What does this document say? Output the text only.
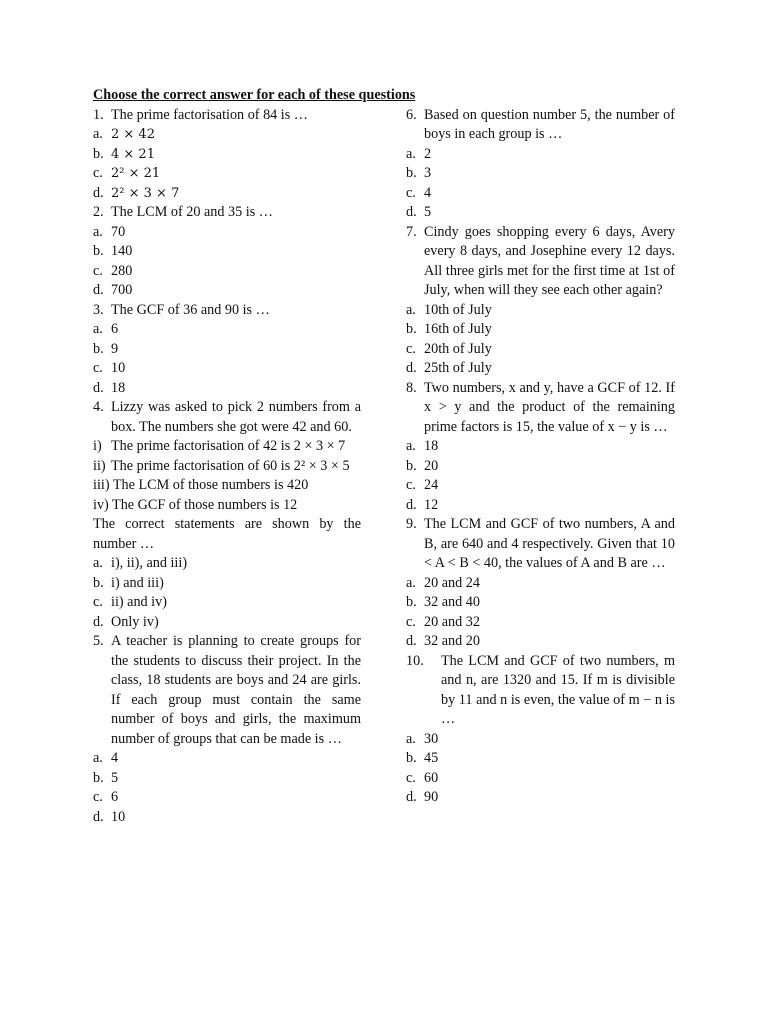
Choose the correct answer for each of these questions
1. The prime factorisation of 84 is …
a. 2 × 42
b. 4 × 21
c. 2² × 21
d. 2² × 3 × 7
2. The LCM of 20 and 35 is …
a. 70
b. 140
c. 280
d. 700
3. The GCF of 36 and 90 is …
a. 6
b. 9
c. 10
d. 18
4. Lizzy was asked to pick 2 numbers from a box. The numbers she got were 42 and 60.
i) The prime factorisation of 42 is 2 × 3 × 7
ii) The prime factorisation of 60 is 2² × 3 × 5
iii) The LCM of those numbers is 420
iv) The GCF of those numbers is 12
The correct statements are shown by the number …
a. i), ii), and iii)
b. i) and iii)
c. ii) and iv)
d. Only iv)
5. A teacher is planning to create groups for the students to discuss their project. In the class, 18 students are boys and 24 are girls. If each group must contain the same number of boys and girls, the maximum number of groups that can be made is …
a. 4
b. 5
c. 6
d. 10
6. Based on question number 5, the number of boys in each group is …
a. 2
b. 3
c. 4
d. 5
7. Cindy goes shopping every 6 days, Avery every 8 days, and Josephine every 12 days. All three girls met for the first time at 1st of July, when will they see each other again?
a. 10th of July
b. 16th of July
c. 20th of July
d. 25th of July
8. Two numbers, x and y, have a GCF of 12. If x > y and the product of the remaining prime factors is 15, the value of x − y is …
a. 18
b. 20
c. 24
d. 12
9. The LCM and GCF of two numbers, A and B, are 640 and 4 respectively. Given that 10 < A < B < 40, the values of A and B are …
a. 20 and 24
b. 32 and 40
c. 20 and 32
d. 32 and 20
10.	The LCM and GCF of two numbers, m and n, are 1320 and 15. If m is divisible by 11 and n is even, the value of m − n is …
a. 30
b. 45
c. 60
d. 90
